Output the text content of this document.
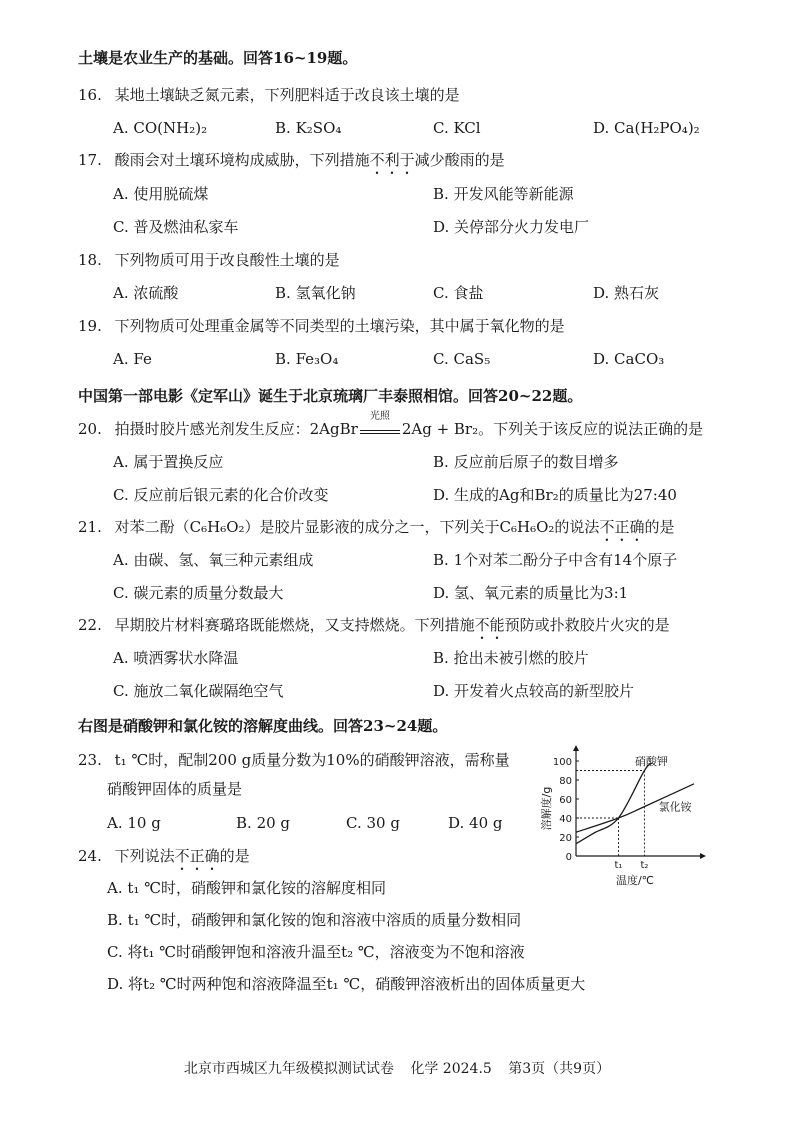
土壤是农业生产的基础。回答16~19题。
16. 某地土壤缺乏氮元素，下列肥料适于改良该土壤的是
A. CO(NH₂)₂	B. K₂SO₄	C. KCl	D. Ca(H₂PO₄)₂
17. 酸雨会对土壤环境构成威胁，下列措施不利于减少酸雨的是
A. 使用脱硫煤	B. 开发风能等新能源
C. 普及燃油私家车	D. 关停部分火力发电厂
18. 下列物质可用于改良酸性土壤的是
A. 浓硫酸	B. 氢氧化钠	C. 食盐	D. 熟石灰
19. 下列物质可处理重金属等不同类型的土壤污染，其中属于氧化物的是
A. Fe	B. Fe₃O₄	C. CaS₅	D. CaCO₃
中国第一部电影《定军山》诞生于北京琉璃厂丰泰照相馆。回答20~22题。
20. 拍摄时胶片感光剂发生反应：2AgBr
光照
2Ag + Br₂。下列关于该反应的说法正确的是
A. 属于置换反应	B. 反应前后原子的数目增多
C. 反应前后银元素的化合价改变	D. 生成的Ag和Br₂的质量比为27:40
21. 对苯二酚（C₆H₆O₂）是胶片显影液的成分之一，下列关于C₆H₆O₂的说法不正确的是
A. 由碳、氢、氧三种元素组成	B. 1个对苯二酚分子中含有14个原子
C. 碳元素的质量分数最大	D. 氢、氧元素的质量比为3:1
22. 早期胶片材料赛璐珞既能燃烧，又支持燃烧。下列措施不能预防或扑救胶片火灾的是
A. 喷洒雾状水降温	B. 抢出未被引燃的胶片
C. 施放二氧化碳隔绝空气	D. 开发着火点较高的新型胶片
右图是硝酸钾和氯化铵的溶解度曲线。回答23~24题。
23. t₁ ℃时，配制200 g质量分数为10%的硝酸钾溶液，需称量
硝酸钾固体的质量是
A. 10 g	B. 20 g	C. 30 g	D. 40 g
0
20
40
60
80
100
t₁ t₂
硝酸钾
氯化铵
溶解度/g
温度/℃
24. 下列说法不正确的是
A. t₁ ℃时，硝酸钾和氯化铵的溶解度相同
B. t₁ ℃时，硝酸钾和氯化铵的饱和溶液中溶质的质量分数相同
C. 将t₁ ℃时硝酸钾饱和溶液升温至t₂ ℃，溶液变为不饱和溶液
D. 将t₂ ℃时两种饱和溶液降温至t₁ ℃，硝酸钾溶液析出的固体质量更大
北京市西城区九年级模拟测试试卷 化学 2024.5 第3页（共9页）
